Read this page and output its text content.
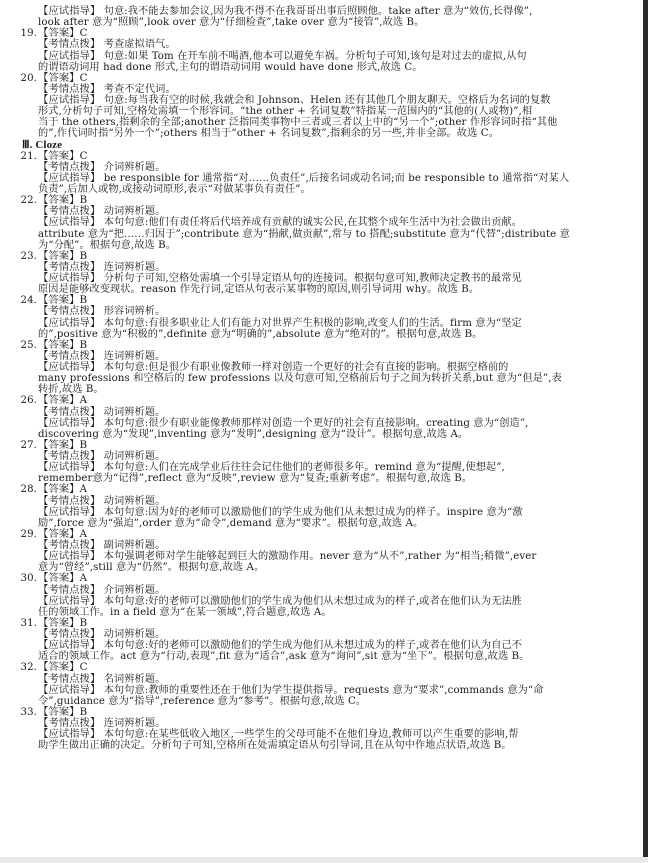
【应试指导】 句意:我不能去参加会议,因为我不得不在我哥哥出事后照顾他。take after 意为“效仿,长得像”,
look after 意为“照顾”,look over 意为“仔细检查”,take over 意为“接管”,故选 B。
19. 【答案】 C
【考情点拨】 考查虚拟语气。
【应试指导】 句意:如果 Tom 在开车前不喝酒,他本可以避免车祸。分析句子可知,该句是对过去的虚拟,从句
的谓语动词用 had done 形式,主句的谓语动词用 would have done 形式,故选 C。
20. 【答案】 C
【考情点拨】 考查不定代词。
【应试指导】 句意:每当我有空的时候,我就会和 Johnson、Helen 还有其他几个朋友聊天。空格后为名词的复数
形式,分析句子可知,空格处需填一个形容词。“the other + 名词复数”特指某一范围内的“其他的(人或物)”,相
当于 the others,指剩余的全部;another 泛指同类事物中三者或三者以上中的“另一个”;other 作形容词时指“其他
的”,作代词时指“另外一个”;others 相当于“other + 名词复数”,指剩余的另一些,并非全部。故选 C。
Ⅲ. Cloze
21. 【答案】 C
【考情点拨】 介词辨析题。
【应试指导】 be responsible for 通常指“对……负责任”,后接名词或动名词;而 be responsible to 通常指“对某人
负责”,后加人或物,或接动词原形,表示“对做某事负有责任”。
22. 【答案】 B
【考情点拨】 动词辨析题。
【应试指导】 本句句意:他们有责任将后代培养成有贡献的诚实公民,在其整个成年生活中为社会做出贡献。
attribute 意为“把……归因于”;contribute 意为“捐献,做贡献”,常与 to 搭配;substitute 意为“代替”;distribute 意
为“分配”。根据句意,故选 B。
23. 【答案】 B
【考情点拨】 连词辨析题。
【应试指导】 分析句子可知,空格处需填一个引导定语从句的连接词。根据句意可知,教师决定教书的最常见
原因是能够改变现状。reason 作先行词,定语从句表示某事物的原因,则引导词用 why。故选 B。
24. 【答案】 B
【考情点拨】 形容词辨析。
【应试指导】 本句句意:有很多职业让人们有能力对世界产生积极的影响,改变人们的生活。firm 意为“坚定
的”,positive 意为“积极的”,definite 意为“明确的”,absolute 意为“绝对的”。根据句意,故选 B。
25. 【答案】 B
【考情点拨】 连词辨析题。
【应试指导】 本句句意:但是很少有职业像教师一样对创造一个更好的社会有直接的影响。根据空格前的
many professions 和空格后的 few professions 以及句意可知,空格前后句子之间为转折关系,but 意为“但是”,表
转折,故选 B。
26. 【答案】 A
【考情点拨】 动词辨析题。
【应试指导】 本句句意:很少有职业能像教师那样对创造一个更好的社会有直接影响。creating 意为“创造”,
discovering 意为“发现”,inventing 意为“发明”,designing 意为“设计”。根据句意,故选 A。
27. 【答案】 B
【考情点拨】 动词辨析题。
【应试指导】 本句句意:人们在完成学业后往往会记住他们的老师很多年。remind 意为“提醒,使想起”,
remember意为“记得”,reflect 意为“反映”,review 意为“复查;重新考虑”。根据句意,故选 B。
28. 【答案】 A
【考情点拨】 动词辨析题。
【应试指导】 本句句意:因为好的老师可以激励他们的学生成为他们从未想过成为的样子。inspire 意为“激
励”,force 意为“强迫”,order 意为“命令”,demand 意为“要求”。根据句意,故选 A。
29. 【答案】 A
【考情点拨】 副词辨析题。
【应试指导】 本句强调老师对学生能够起到巨大的激励作用。never 意为“从不”,rather 为“相当;稍微”,ever
意为“曾经”,still 意为“仍然”。根据句意,故选 A。
30. 【答案】 A
【考情点拨】 介词辨析题。
【应试指导】 本句句意:好的老师可以激励他们的学生成为他们从未想过成为的样子,或者在他们认为无法胜
任的领域工作。in a field 意为“在某一领域”,符合题意,故选 A。
31. 【答案】 B
【考情点拨】 动词辨析题。
【应试指导】 本句句意:好的老师可以激励他们的学生成为他们从未想过成为的样子,或者在他们认为自己不
适合的领域工作。act 意为“行动,表现”,fit 意为“适合”,ask 意为“询问”,sit 意为“坐下”。根据句意,故选 B。
32. 【答案】 C
【考情点拨】 名词辨析题。
【应试指导】 本句句意:教师的重要性还在于他们为学生提供指导。requests 意为“要求”,commands 意为“命
令”,guidance 意为“指导”,reference 意为“参考”。根据句意,故选 C。
33. 【答案】 B
【考情点拨】 连词辨析题。
【应试指导】 本句句意:在某些低收入地区,一些学生的父母可能不在他们身边,教师可以产生重要的影响,帮
助学生做出正确的决定。分析句子可知,空格所在处需填定语从句引导词,且在从句中作地点状语,故选 B。
